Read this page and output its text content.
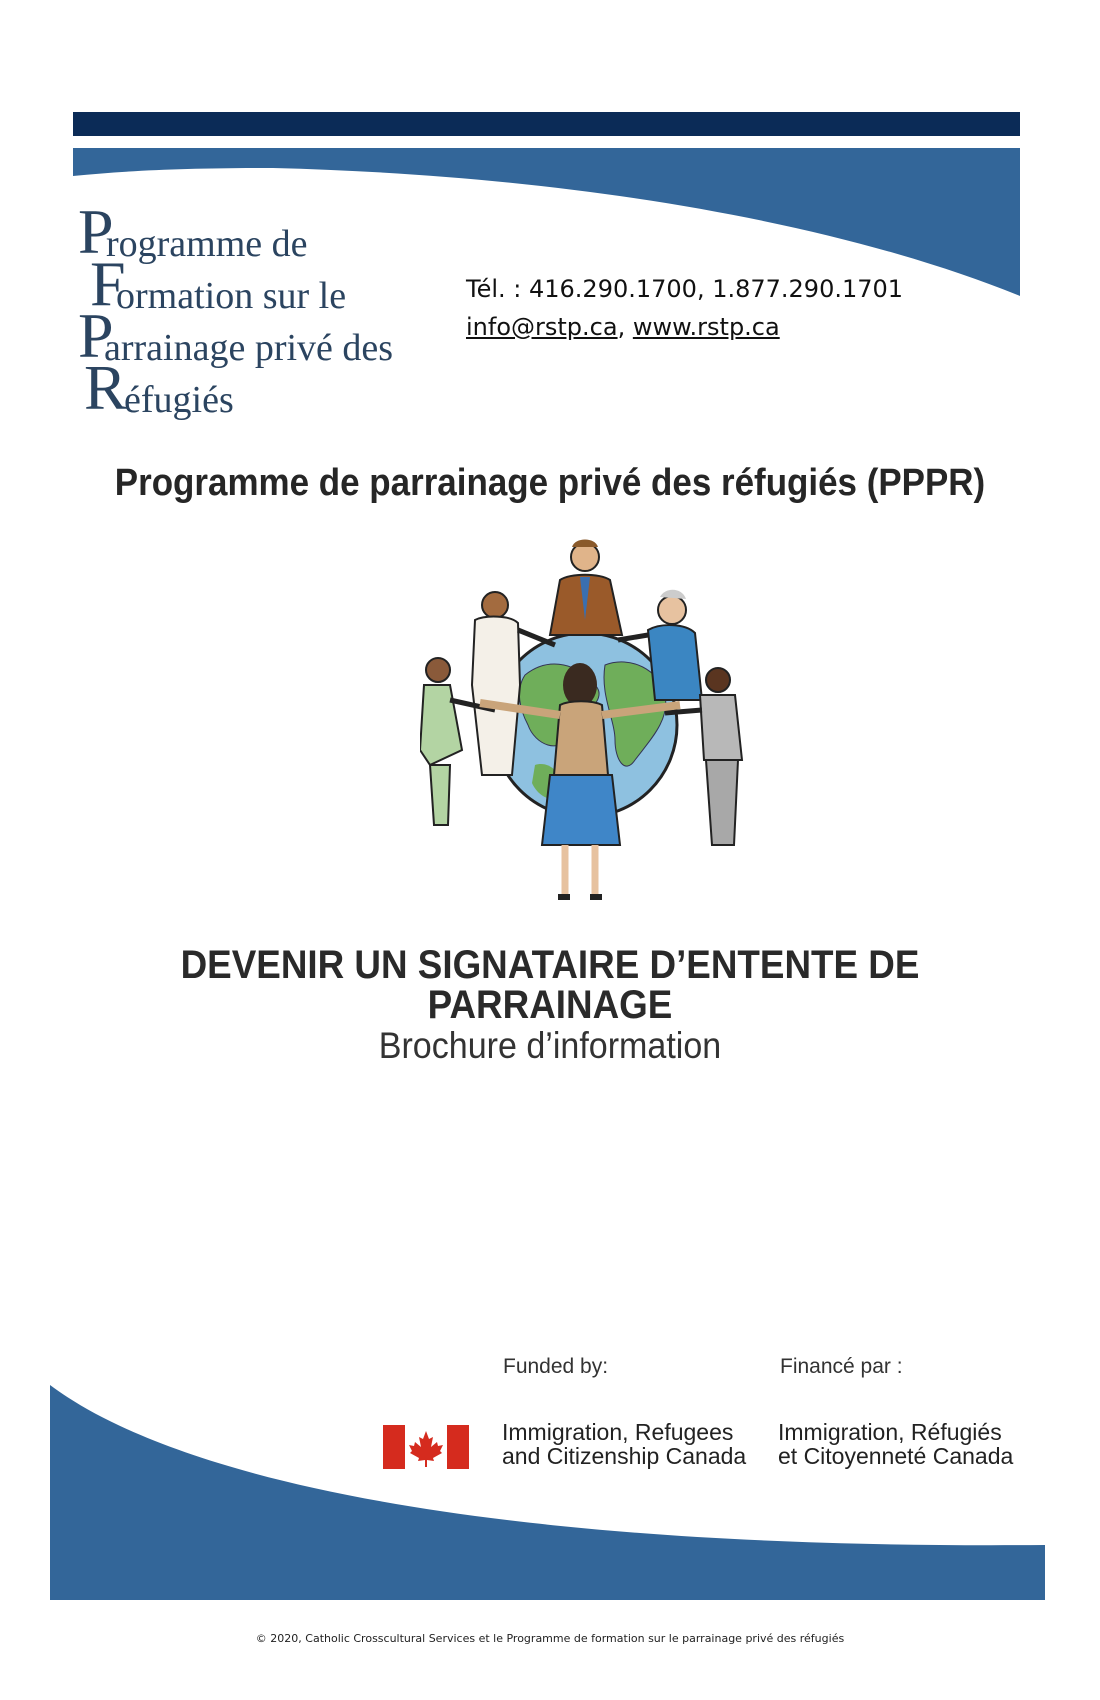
P
rogramme de
F
ormation sur le
P
arrainage privé des
R
éfugiés
Tél. : 416.290.1700, 1.877.290.1701
info@rstp.ca, www.rstp.ca
Programme de parrainage privé des réfugiés (PPPR)
DEVENIR UN SIGNATAIRE D’ENTENTE DE
PARRAINAGE
Brochure d’information
Funded by:	Financé par :
Immigration, Refugees
and Citizenship Canada
Immigration, Réfugiés
et Citoyenneté Canada
© 2020, Catholic Crosscultural Services et le Programme de formation sur le parrainage privé des réfugiés
